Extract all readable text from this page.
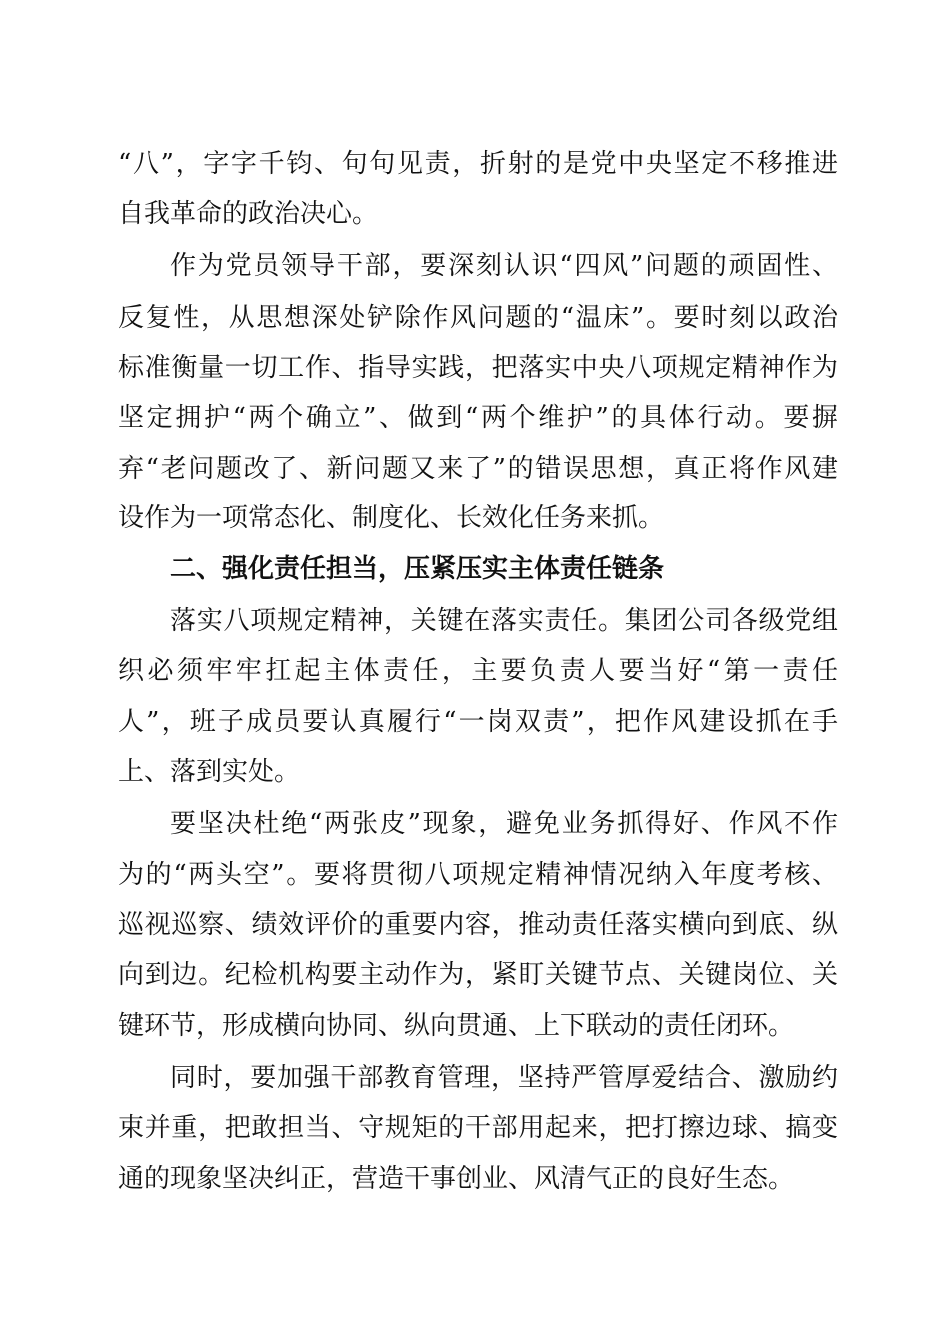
“八”，字字千钧、句句见责，折射的是党中央坚定不移推进
自我革命的政治决心。
作为党员领导干部，要深刻认识“四风”问题的顽固性、
反复性，从思想深处铲除作风问题的“温床”。要时刻以政治
标准衡量一切工作、指导实践，把落实中央八项规定精神作为
坚定拥护“两个确立”、做到“两个维护”的具体行动。要摒
弃“老问题改了、新问题又来了”的错误思想，真正将作风建
设作为一项常态化、制度化、长效化任务来抓。
二、强化责任担当，压紧压实主体责任链条
落实八项规定精神，关键在落实责任。集团公司各级党组
织必须牢牢扛起主体责任，主要负责人要当好“第一责任
人”，班子成员要认真履行“一岗双责”，把作风建设抓在手
上、落到实处。
要坚决杜绝“两张皮”现象，避免业务抓得好、作风不作
为的“两头空”。要将贯彻八项规定精神情况纳入年度考核、
巡视巡察、绩效评价的重要内容，推动责任落实横向到底、纵
向到边。纪检机构要主动作为，紧盯关键节点、关键岗位、关
键环节，形成横向协同、纵向贯通、上下联动的责任闭环。
同时，要加强干部教育管理，坚持严管厚爱结合、激励约
束并重，把敢担当、守规矩的干部用起来，把打擦边球、搞变
通的现象坚决纠正，营造干事创业、风清气正的良好生态。
